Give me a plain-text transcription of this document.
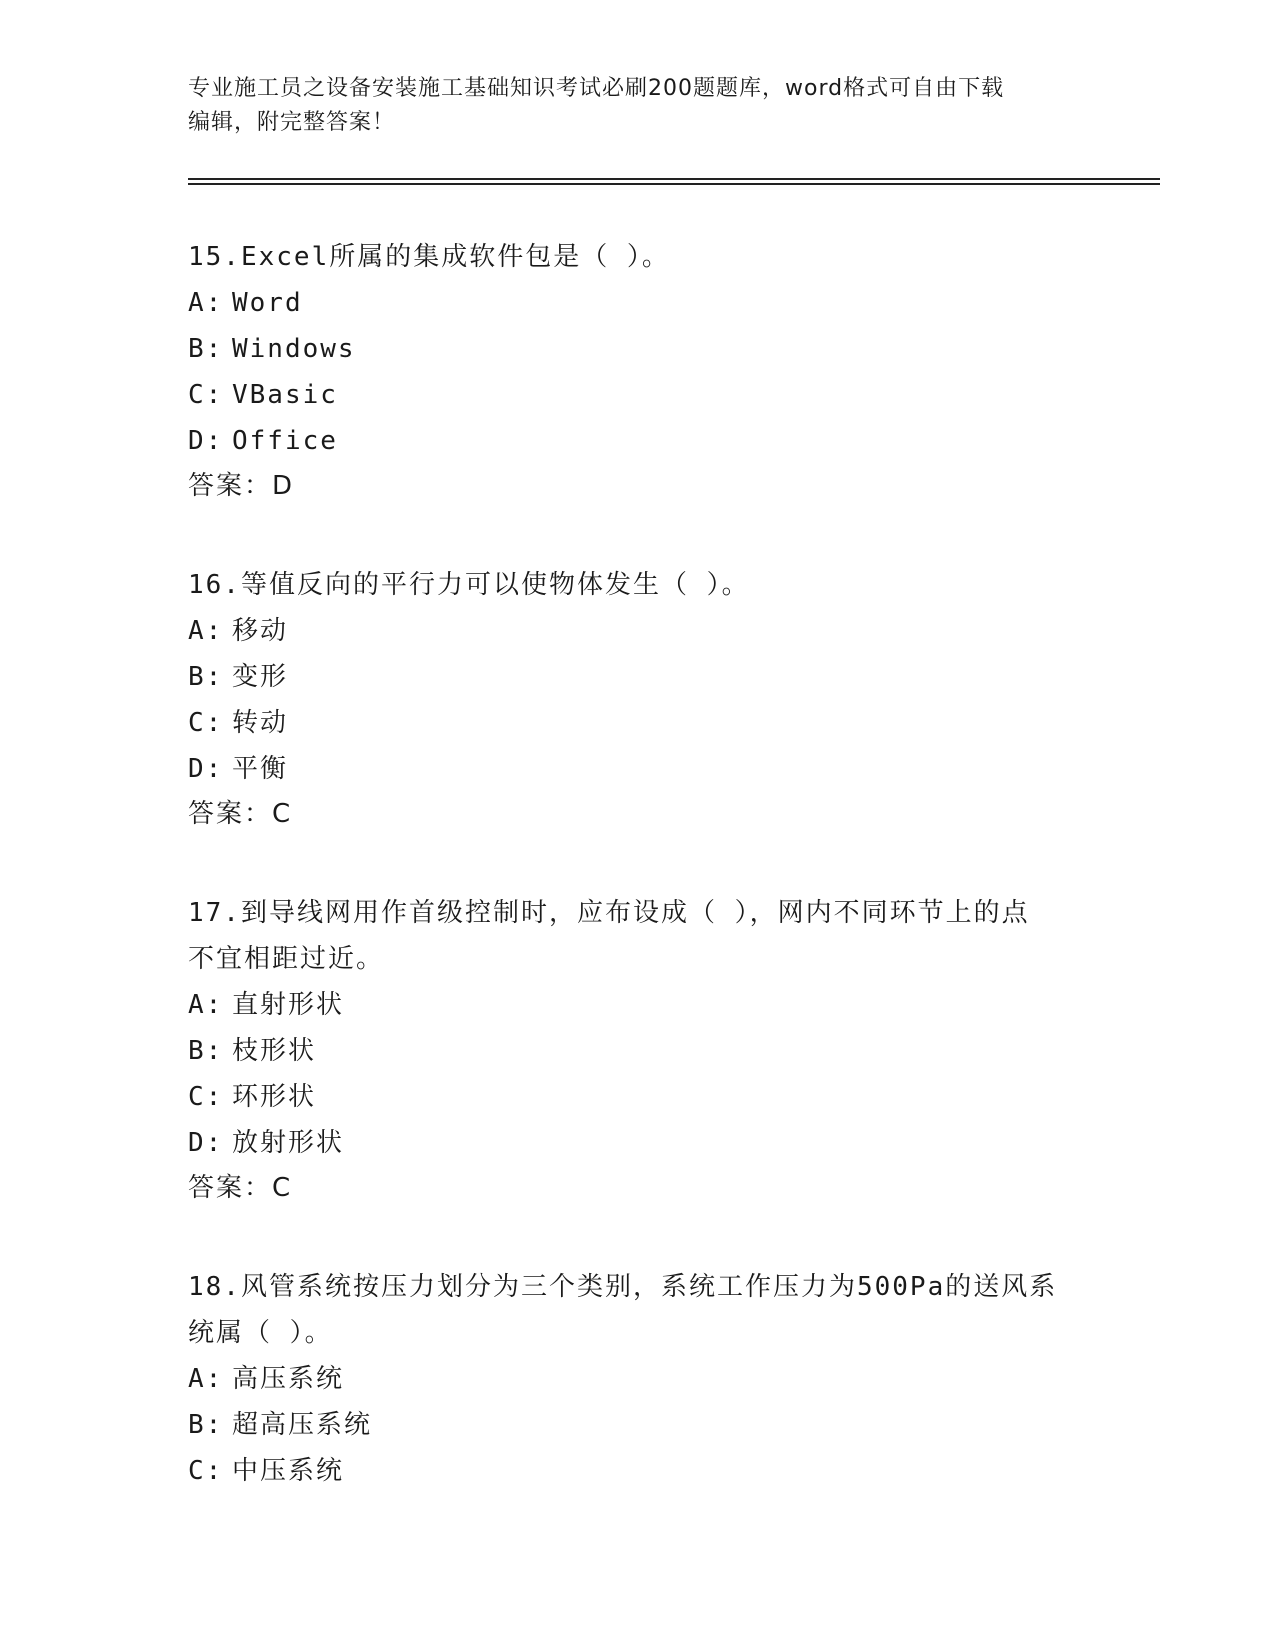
专业施工员之设备安装施工基础知识考试必刷200题题库，word格式可自由下载
编辑，附完整答案！
15.Excel所属的集成软件包是（ ）。
A: Word
B: Windows
C: VBasic
D: Office
答案： D
16.等值反向的平行力可以使物体发生（ ）。
A: 移动
B: 变形
C: 转动
D: 平衡
答案： C
17.到导线网用作首级控制时，应布设成（ ），网内不同环节上的点
不宜相距过近。
A: 直射形状
B: 枝形状
C: 环形状
D: 放射形状
答案： C
18.风管系统按压力划分为三个类别，系统工作压力为500Pa的送风系
统属（ ）。
A: 高压系统
B: 超高压系统
C: 中压系统
